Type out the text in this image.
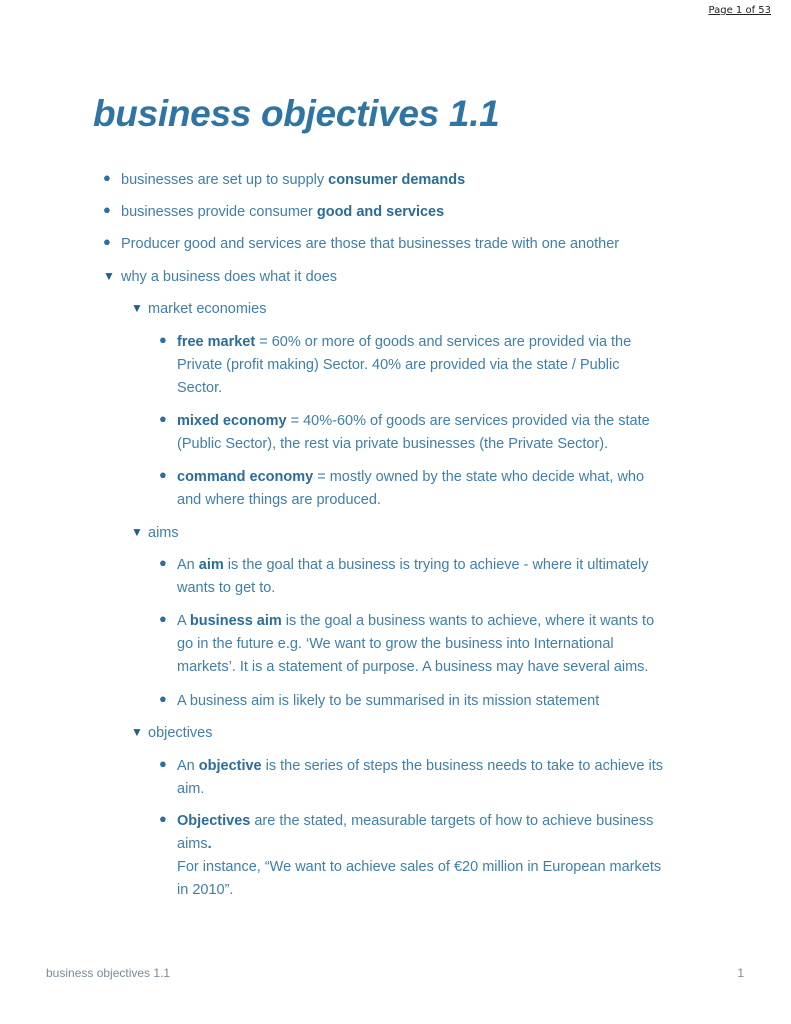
Page 1 of 53
business objectives 1.1
● businesses are set up to supply consumer demands
● businesses provide consumer good and services
● Producer good and services are those that businesses trade with one another
▼ why a business does what it does
▼ market economies
● free market = 60% or more of goods and services are provided via the
Private (profit making) Sector. 40% are provided via the state / Public
Sector.
● mixed economy = 40%-60% of goods are services provided via the state
(Public Sector), the rest via private businesses (the Private Sector).
● command economy = mostly owned by the state who decide what, who
and where things are produced.
▼ aims
● An aim is the goal that a business is trying to achieve - where it ultimately
wants to get to.
● A business aim is the goal a business wants to achieve, where it wants to
go in the future e.g. ‘We want to grow the business into International
markets’. It is a statement of purpose. A business may have several aims.
● A business aim is likely to be summarised in its mission statement
▼ objectives
● An objective is the series of steps the business needs to take to achieve its
aim.
● Objectives are the stated, measurable targets of how to achieve business
aims.
For instance, “We want to achieve sales of €20 million in European markets
in 2010”.
business objectives 1.1	1
